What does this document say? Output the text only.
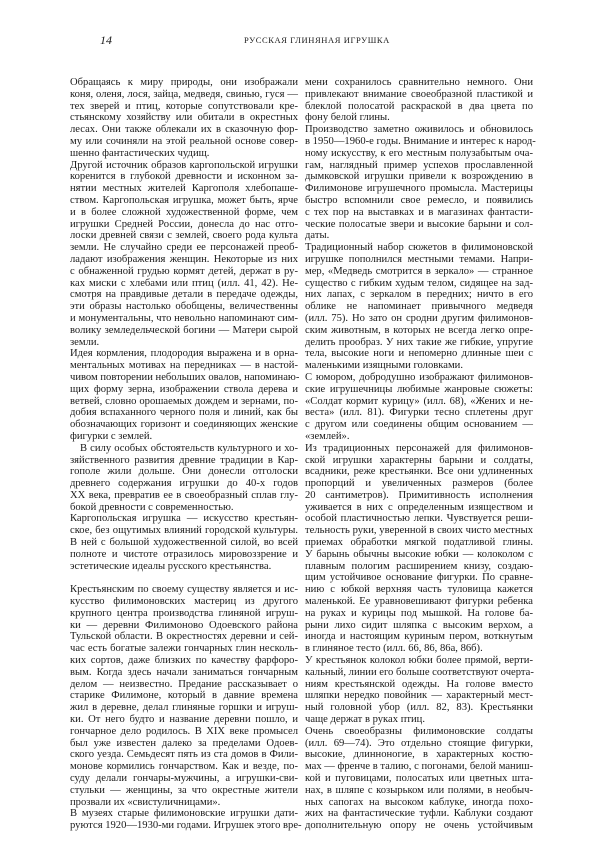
14	РУССКАЯ ГЛИНЯНАЯ ИГРУШКА
Обращаясь к миру природы, они изображали
коня, оленя, лося, зайца, медведя, свинью, гуся —
тех зверей и птиц, которые сопутствовали кре-
стьянскому хозяйству или обитали в окрестных
лесах. Они также облекали их в сказочную фор-
му или сочиняли на этой реальной основе совер-
шенно фантастических чудищ.
Другой источник образов каргопольской игрушки
коренится в глубокой древности и исконном за-
нятии местных жителей Каргополя хлебопаше-
ством. Каргопольская игрушка, может быть, ярче
и в более сложной художественной форме, чем
игрушки Средней России, донесла до нас отго-
лоски древней связи с землей, своего рода культа
земли. Не случайно среди ее персонажей преоб-
ладают изображения женщин. Некоторые из них
с обнаженной грудью кормят детей, держат в ру-
ках миски с хлебами или птиц (илл. 41, 42). Не-
смотря на правдивые детали в передаче одежды,
эти образы настолько обобщены, величественны
и монументальны, что невольно напоминают сим-
волику земледельческой богини — Матери сырой
земли.
Идея кормления, плодородия выражена и в орна-
ментальных мотивах на передниках — в настой-
чивом повторении небольших овалов, напоминаю-
щих форму зерна, изображении ствола дерева и
ветвей, словно орошаемых дождем и зернами, по-
добия вспаханного черного поля и линий, как бы
обозначающих горизонт и соединяющих женские
фигурки с землей.
В силу особых обстоятельств культурного и хо-
зяйственного развития древние традиции в Кар-
гополе жили дольше. Они донесли отголоски
древнего содержания игрушки до 40-х годов
XX века, превратив ее в своеобразный сплав глу-
бокой древности с современностью.
Каргопольская игрушка — искусство крестьян-
ское, без ощутимых влияний городской культуры.
В ней с большой художественной силой, во всей
полноте и чистоте отразилось мировоззрение и
эстетические идеалы русского крестьянства.
Крестьянским по своему существу является и ис-
кусство филимоновских мастериц из другого
крупного центра производства глиняной игруш-
ки — деревни Филимоново Одоевского района
Тульской области. В окрестностях деревни и сей-
час есть богатые залежи гончарных глин несколь-
ких сортов, даже близких по качеству фарфоро-
вым. Когда здесь начали заниматься гончарным
делом — неизвестно. Предание рассказывает о
старике Филимоне, который в давние времена
жил в деревне, делал глиняные горшки и игруш-
ки. От него будто и название деревни пошло, и
гончарное дело родилось. В XIX веке промысел
был уже известен далеко за пределами Одоев-
ского уезда. Семьдесят пять из ста домов в Фили-
монове кормились гончарством. Как и везде, по-
суду делали гончары-мужчины, а игрушки-сви-
стульки — женщины, за что окрестные жители
прозвали их «свистуличницами».
В музеях старые филимоновские игрушки дати-
руются 1920—1930-ми годами. Игрушек этого вре-
мени сохранилось сравнительно немного. Они
привлекают внимание своеобразной пластикой и
блеклой полосатой раскраской в два цвета по
фону белой глины.
Производство заметно оживилось и обновилось
в 1950—1960-е годы. Внимание и интерес к народ-
ному искусству, к его местным полузабытым оча-
гам, наглядный пример успехов прославленной
дымковской игрушки привели к возрождению в
Филимонове игрушечного промысла. Мастерицы
быстро вспомнили свое ремесло, и появились
с тех пор на выставках и в магазинах фантасти-
ческие полосатые звери и высокие барыни и сол-
даты.
Традиционный набор сюжетов в филимоновской
игрушке пополнился местными темами. Напри-
мер, «Медведь смотрится в зеркало» — странное
существо с гибким худым телом, сидящее на зад-
них лапах, с зеркалом в передних; ничто в его
облике не напоминает привычного медведя
(илл. 75). Но зато он сродни другим филимонов-
ским животным, в которых не всегда легко опре-
делить прообраз. У них такие же гибкие, упругие
тела, высокие ноги и непомерно длинные шеи с
маленькими изящными головками.
С юмором, добродушно изображают филимонов-
ские игрушечницы любимые жанровые сюжеты:
«Солдат кормит курицу» (илл. 68), «Жених и не-
веста» (илл. 81). Фигурки тесно сплетены друг
с другом или соединены общим основанием —
«землей».
Из традиционных персонажей для филимонов-
ской игрушки характерны барыни и солдаты,
всадники, реже крестьянки. Все они удлиненных
пропорций и увеличенных размеров (более
20 сантиметров). Примитивность исполнения
уживается в них с определенным изяществом и
особой пластичностью лепки. Чувствуется реши-
тельность руки, уверенной в своих чисто местных
приемах обработки мягкой податливой глины.
У барынь обычны высокие юбки — колоколом с
плавным пологим расширением книзу, создаю-
щим устойчивое основание фигурки. По сравне-
нию с юбкой верхняя часть туловища кажется
маленькой. Ее уравновешивают фигурки ребенка
на руках и курицы под мышкой. На голове ба-
рыни лихо сидит шляпка с высоким верхом, а
иногда и настоящим куриным пером, воткнутым
в глиняное тесто (илл. 66, 86, 86а, 86б).
У крестьянок колокол юбки более прямой, верти-
кальный, линии его больше соответствуют очерта-
ниям крестьянской одежды. На голове вместо
шляпки нередко повойник — характерный мест-
ный головной убор (илл. 82, 83). Крестьянки
чаще держат в руках птиц.
Очень своеобразны филимоновские солдаты
(илл. 69—74). Это отдельно стоящие фигурки,
высокие, длинноногие, в характерных костю-
мах — френче в талию, с погонами, белой маниш-
кой и пуговицами, полосатых или цветных шта-
нах, в шляпе с козырьком или полями, в необыч-
ных сапогах на высоком каблуке, иногда похо-
жих на фантастические туфли. Каблуки создают
дополнительную опору не очень устойчивым
